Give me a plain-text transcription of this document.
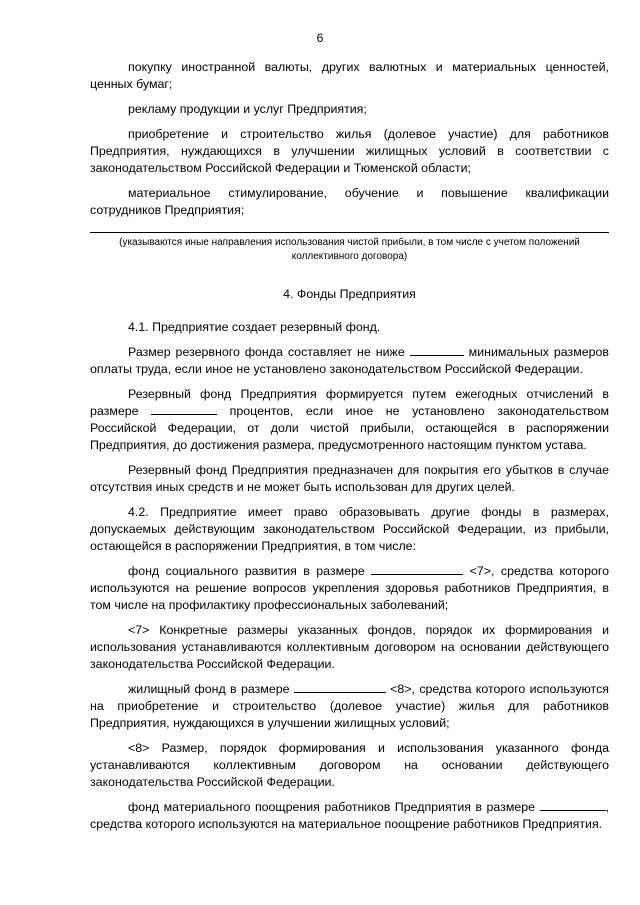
6

покупку иностранной валюты, других валютных и материальных ценностей, ценных бумаг;

рекламу продукции и услуг Предприятия;

приобретение и строительство жилья (долевое участие) для работников Предприятия, нуждающихся в улучшении жилищных условий в соответствии с законодательством Российской Федерации и Тюменской области;

материальное стимулирование, обучение и повышение квалификации сотрудников Предприятия;

(указываются иные направления использования чистой прибыли, в том числе с учетом положений коллективного договора)

4. Фонды Предприятия

4.1. Предприятие создает резервный фонд.

Размер резервного фонда составляет не ниже	минимальных размеров оплаты труда, если иное не установлено законодательством Российской Федерации.

Резервный фонд Предприятия формируется путем ежегодных отчислений в размере	процентов, если иное не установлено законодательством Российской Федерации, от доли чистой прибыли, остающейся в распоряжении Предприятия, до достижения размера, предусмотренного настоящим пунктом устава.

Резервный фонд Предприятия предназначен для покрытия его убытков в случае отсутствия иных средств и не может быть использован для других целей.

4.2. Предприятие имеет право образовывать другие фонды в размерах, допускаемых действующим законодательством Российской Федерации, из прибыли, остающейся в распоряжении Предприятия, в том числе:

фонд социального развития в размере	<7>, средства которого используются на решение вопросов укрепления здоровья работников Предприятия, в том числе на профилактику профессиональных заболеваний;

<7> Конкретные размеры указанных фондов, порядок их формирования и использования устанавливаются коллективным договором на основании действующего законодательства Российской Федерации.

жилищный фонд в размере	<8>, средства которого используются на приобретение и строительство (долевое участие) жилья для работников Предприятия, нуждающихся в улучшении жилищных условий;

<8> Размер, порядок формирования и использования указанного фонда устанавливаются коллективным договором на основании действующего законодательства Российской Федерации.

фонд материального поощрения работников Предприятия в размере	, средства которого используются на материальное поощрение работников Предприятия.
